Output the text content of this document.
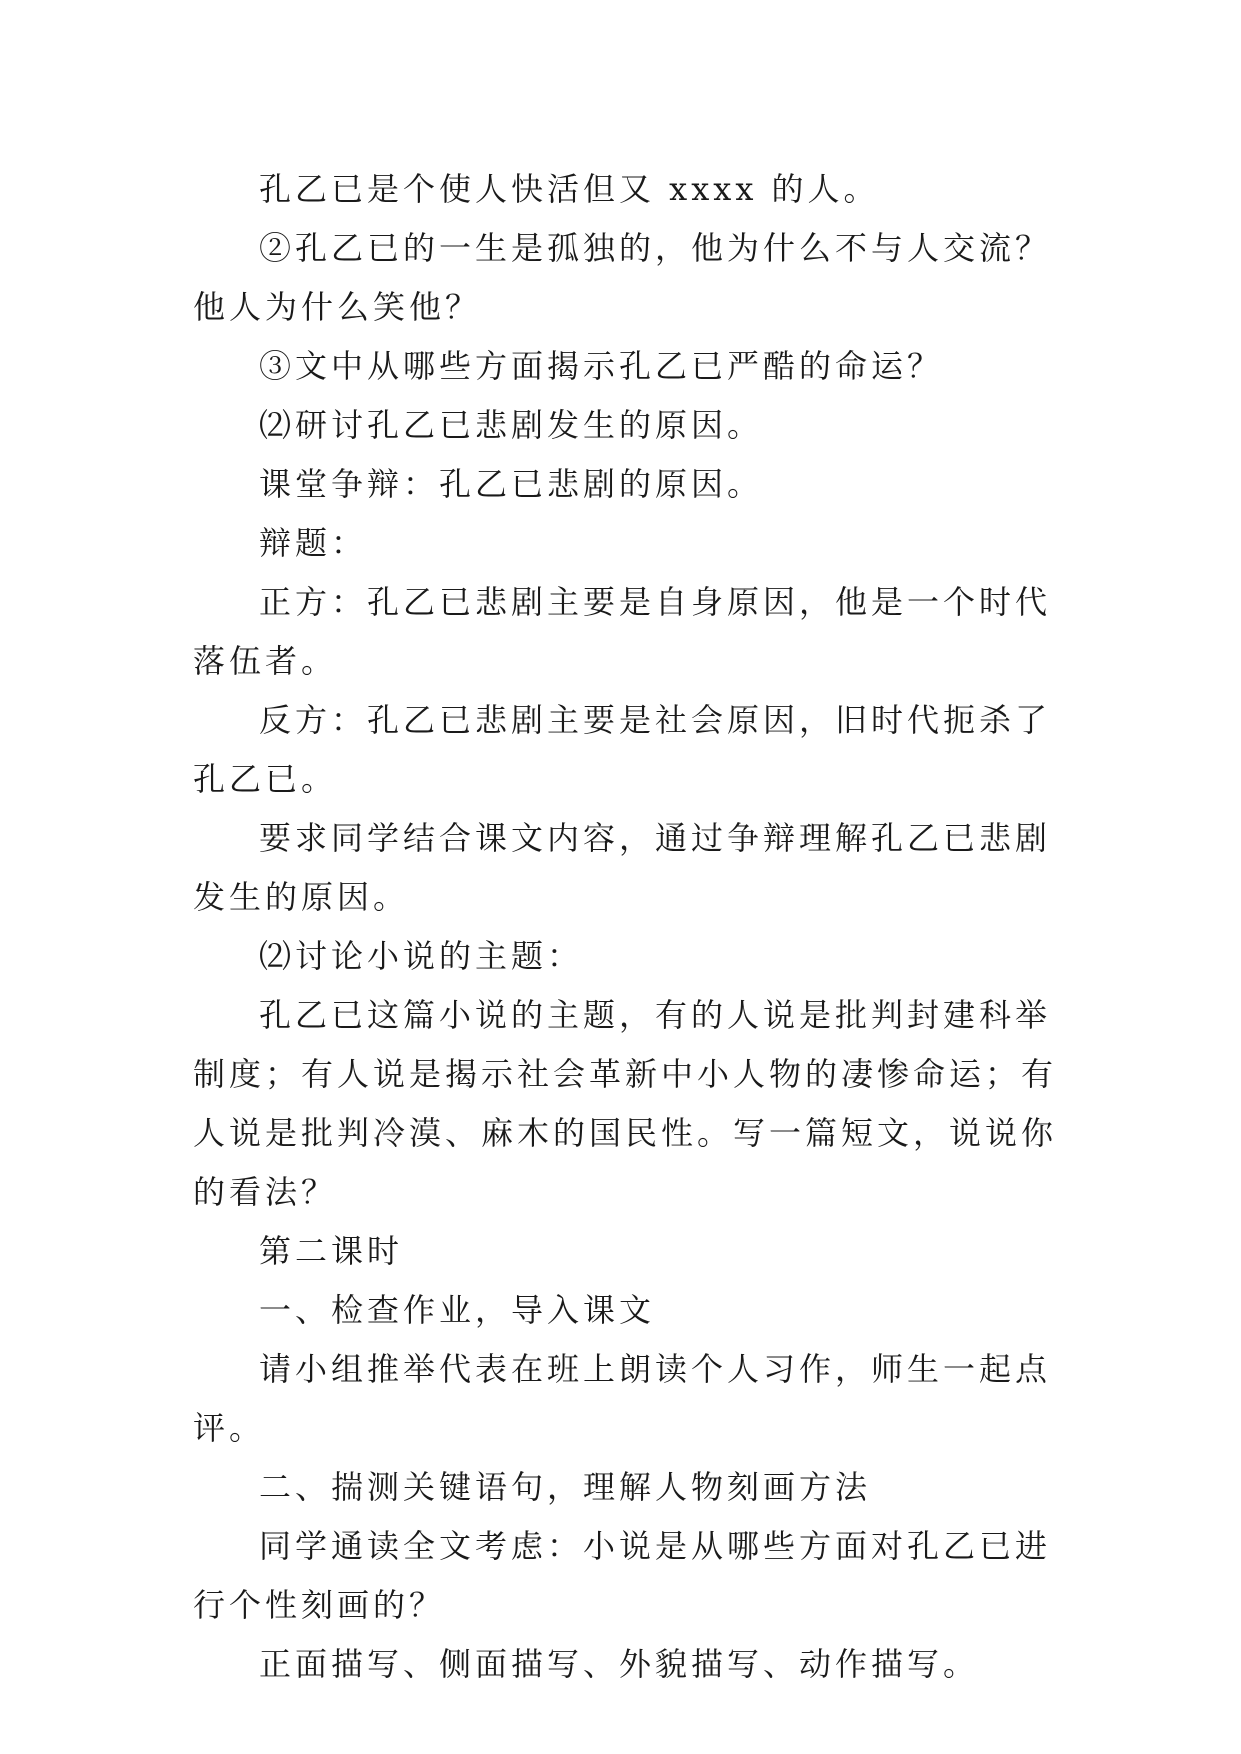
孔乙已是个使人快活但又 xxxx 的人。

②孔乙已的一生是孤独的，他为什么不与人交流？他人为什么笑他？

③文中从哪些方面揭示孔乙已严酷的命运？

⑵研讨孔乙已悲剧发生的原因。

课堂争辩：孔乙已悲剧的原因。

辩题：

正方：孔乙已悲剧主要是自身原因，他是一个时代落伍者。

反方：孔乙已悲剧主要是社会原因，旧时代扼杀了孔乙已。

要求同学结合课文内容，通过争辩理解孔乙已悲剧发生的原因。

⑵讨论小说的主题：

孔乙已这篇小说的主题，有的人说是批判封建科举制度；有人说是揭示社会革新中小人物的凄惨命运；有人说是批判冷漠、麻木的国民性。写一篇短文，说说你的看法？

第二课时

一、检查作业，导入课文

请小组推举代表在班上朗读个人习作，师生一起点评。

二、揣测关键语句，理解人物刻画方法

同学通读全文考虑：小说是从哪些方面对孔乙已进行个性刻画的？

正面描写、侧面描写、外貌描写、动作描写。
